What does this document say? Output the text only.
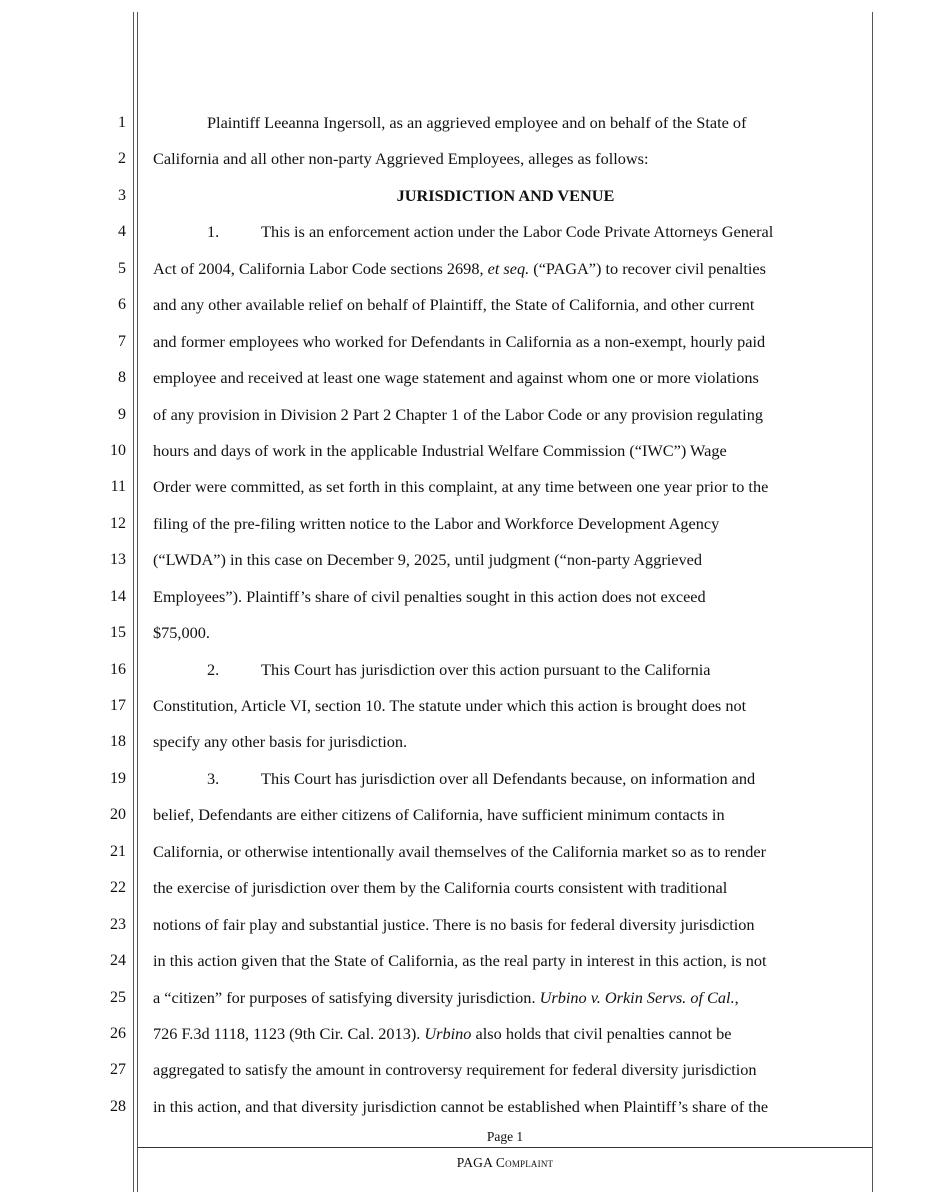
1
2
3
4
5
6
7
8
9
10
11
12
13
14
15
16
17
18
19
20
21
22
23
24
25
26
27
28
Plaintiff Leeanna Ingersoll, as an aggrieved employee and on behalf of the State of
California and all other non-party Aggrieved Employees, alleges as follows:
JURISDICTION AND VENUE
1.	This is an enforcement action under the Labor Code Private Attorneys General
Act of 2004, California Labor Code sections 2698, et seq. (“PAGA”) to recover civil penalties
and any other available relief on behalf of Plaintiff, the State of California, and other current
and former employees who worked for Defendants in California as a non-exempt, hourly paid
employee and received at least one wage statement and against whom one or more violations
of any provision in Division 2 Part 2 Chapter 1 of the Labor Code or any provision regulating
hours and days of work in the applicable Industrial Welfare Commission (“IWC”) Wage
Order were committed, as set forth in this complaint, at any time between one year prior to the
filing of the pre-filing written notice to the Labor and Workforce Development Agency
(“LWDA”) in this case on December 9, 2025, until judgment (“non-party Aggrieved
Employees”). Plaintiff’s share of civil penalties sought in this action does not exceed
$75,000.
2.	This Court has jurisdiction over this action pursuant to the California
Constitution, Article VI, section 10. The statute under which this action is brought does not
specify any other basis for jurisdiction.
3.	This Court has jurisdiction over all Defendants because, on information and
belief, Defendants are either citizens of California, have sufficient minimum contacts in
California, or otherwise intentionally avail themselves of the California market so as to render
the exercise of jurisdiction over them by the California courts consistent with traditional
notions of fair play and substantial justice. There is no basis for federal diversity jurisdiction
in this action given that the State of California, as the real party in interest in this action, is not
a “citizen” for purposes of satisfying diversity jurisdiction. Urbino v. Orkin Servs. of Cal.,
726 F.3d 1118, 1123 (9th Cir. Cal. 2013). Urbino also holds that civil penalties cannot be
aggregated to satisfy the amount in controversy requirement for federal diversity jurisdiction
in this action, and that diversity jurisdiction cannot be established when Plaintiff’s share of the
Page 1
PAGA Complaint
